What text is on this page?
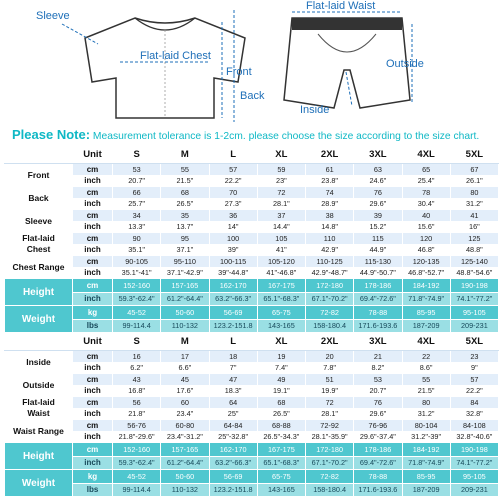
Sleeve
Flat-laid Chest
Front
Back
Flat-laid Waist
Outside
Inside
Please Note: Measurement tolerance is 1-2cm. please choose the size according to the size chart.
	Unit	S	M	L	XL	2XL	3XL	4XL	5XL
Front	cm	53	55	57	59	61	63	65	67
	inch	20.7"	21.5"	22.2"	23"	23.8"	24.6"	25.4"	26.1"
Back	cm	66	68	70	72	74	76	78	80
	inch	25.7"	26.5"	27.3"	28.1"	28.9"	29.6"	30.4"	31.2"
Sleeve	cm	34	35	36	37	38	39	40	41
	inch	13.3"	13.7"	14"	14.4"	14.8"	15.2"	15.6"	16"
Flat-laid	cm	90	95	100	105	110	115	120	125
Chest	inch	35.1"	37.1"	39"	41"	42.9"	44.9"	46.8"	48.8"
Chest Range	cm	90-105	95-110	100-115	105-120	110-125	115-130	120-135	125-140
	inch	35.1"-41"	37.1"-42.9"	39"-44.8"	41"-46.8"	42.9"-48.7"	44.9"-50.7"	46.8"-52.7"	48.8"-54.6"
Height	cm	152-160	157-165	162-170	167-175	172-180	178-186	184-192	190-198
	inch	59.3"-62.4"	61.2"-64.4"	63.2"-66.3"	65.1"-68.3"	67.1"-70.2"	69.4"-72.6"	71.8"-74.9"	74.1"-77.2"
Weight	kg	45-52	50-60	56-69	65-75	72-82	78-88	85-95	95-105
	lbs	99-114.4	110-132	123.2-151.8	143-165	158-180.4	171.6-193.6	187-209	209-231
	Unit	S	M	L	XL	2XL	3XL	4XL	5XL
Inside	cm	16	17	18	19	20	21	22	23
	inch	6.2"	6.6"	7"	7.4"	7.8"	8.2"	8.6"	9"
Outside	cm	43	45	47	49	51	53	55	57
	inch	16.8"	17.6"	18.3"	19.1"	19.9"	20.7"	21.5"	22.2"
Flat-laid	cm	56	60	64	68	72	76	80	84
Waist	inch	21.8"	23.4"	25"	26.5"	28.1"	29.6"	31.2"	32.8"
Waist Range	cm	56-76	60-80	64-84	68-88	72-92	76-96	80-104	84-108
	inch	21.8"-29.6"	23.4"-31.2"	25"-32.8"	26.5"-34.3"	28.1"-35.9"	29.6"-37.4"	31.2"-39"	32.8"-40.6"
Height	cm	152-160	157-165	162-170	167-175	172-180	178-186	184-192	190-198
	inch	59.3"-62.4"	61.2"-64.4"	63.2"-66.3"	65.1"-68.3"	67.1"-70.2"	69.4"-72.6"	71.8"-74.9"	74.1"-77.2"
Weight	kg	45-52	50-60	56-69	65-75	72-82	78-88	85-95	95-105
	lbs	99-114.4	110-132	123.2-151.8	143-165	158-180.4	171.6-193.6	187-209	209-231
